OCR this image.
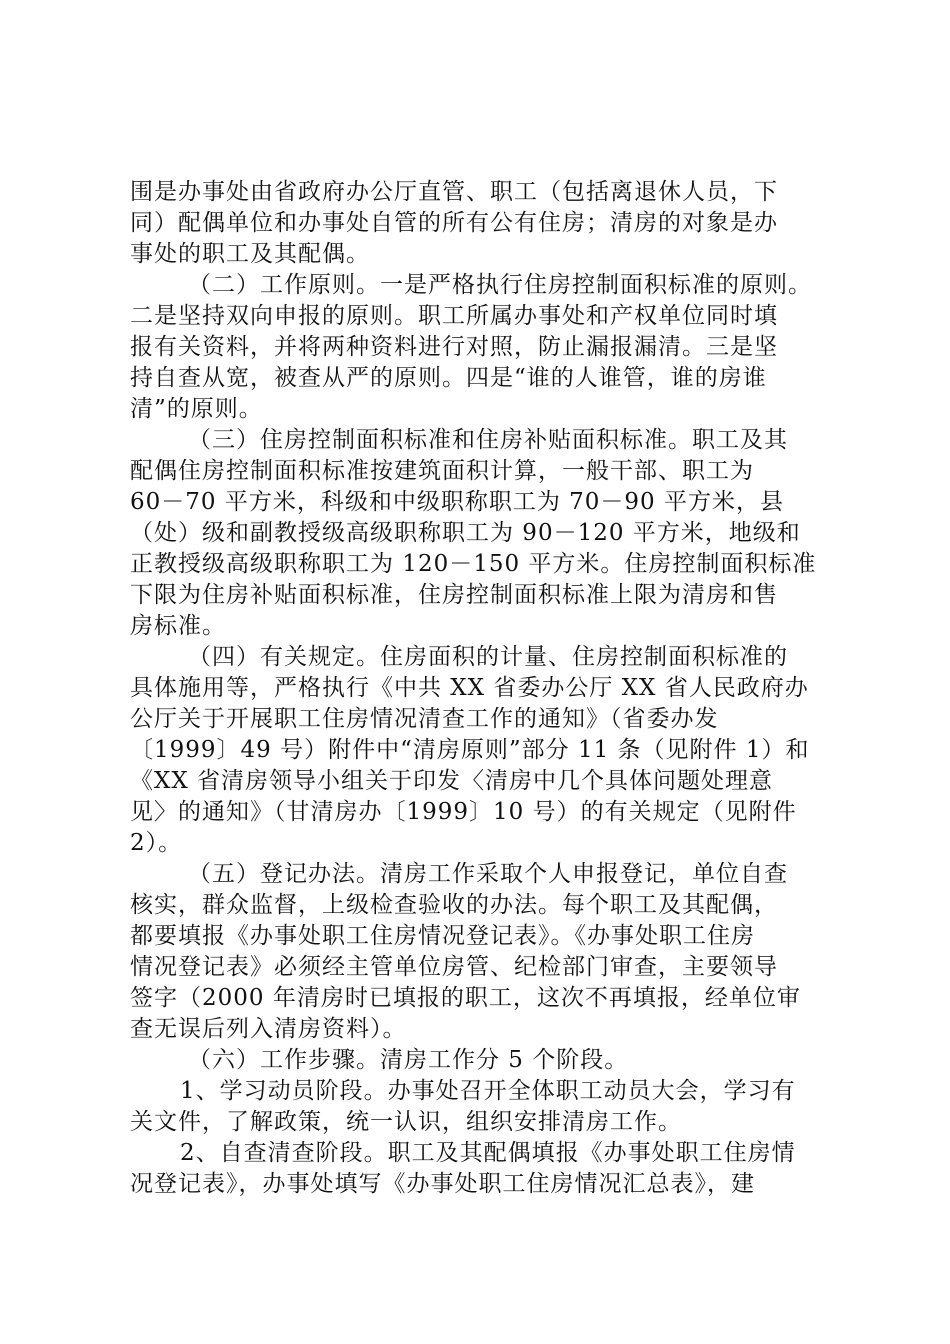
围是办事处由省政府办公厅直管、职工（包括离退休人员，下
同）配偶单位和办事处自管的所有公有住房；清房的对象是办
事处的职工及其配偶。
（二）工作原则。一是严格执行住房控制面积标准的原则。
二是坚持双向申报的原则。职工所属办事处和产权单位同时填
报有关资料，并将两种资料进行对照，防止漏报漏清。三是坚
持自查从宽，被查从严的原则。四是“谁的人谁管，谁的房谁
清”的原则。
（三）住房控制面积标准和住房补贴面积标准。职工及其
配偶住房控制面积标准按建筑面积计算，一般干部、职工为
60－70 平方米，科级和中级职称职工为 70－90 平方米，县
（处）级和副教授级高级职称职工为 90－120 平方米，地级和
正教授级高级职称职工为 120－150 平方米。住房控制面积标准
下限为住房补贴面积标准，住房控制面积标准上限为清房和售
房标准。
（四）有关规定。住房面积的计量、住房控制面积标准的
具体施用等，严格执行《中共 XX 省委办公厅 XX 省人民政府办
公厅关于开展职工住房情况清查工作的通知》（省委办发
〔1999〕49 号）附件中“清房原则”部分 11 条（见附件 1）和
《XX 省清房领导小组关于印发〈清房中几个具体问题处理意
见〉的通知》（甘清房办〔1999〕10 号）的有关规定（见附件
2）。
（五）登记办法。清房工作采取个人申报登记，单位自查
核实，群众监督，上级检查验收的办法。每个职工及其配偶，
都要填报《办事处职工住房情况登记表》。《办事处职工住房
情况登记表》必须经主管单位房管、纪检部门审查，主要领导
签字（2000 年清房时已填报的职工，这次不再填报，经单位审
查无误后列入清房资料）。
（六）工作步骤。清房工作分 5 个阶段。
1、学习动员阶段。办事处召开全体职工动员大会，学习有
关文件，了解政策，统一认识，组织安排清房工作。
2、自查清查阶段。职工及其配偶填报《办事处职工住房情
况登记表》，办事处填写《办事处职工住房情况汇总表》，建
